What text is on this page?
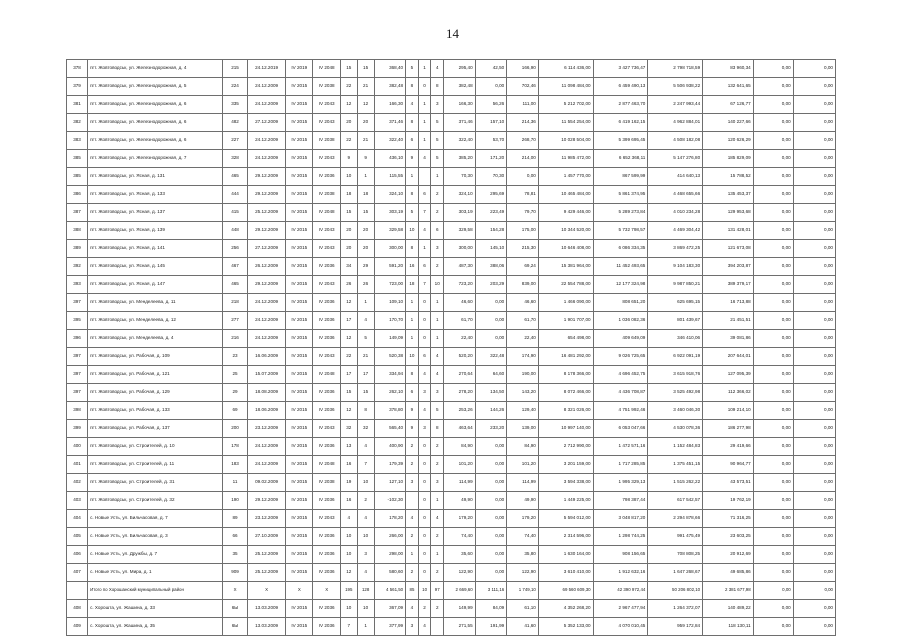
14
378	пгт. Жовтоводськ, ул. Железнодорожная, д. 4	215	24.12.2019	IV 2019	IV 2048	15	15	368,40	5	1	4	295,40	42,50	166,90	6 114 436,00	3 427 736,47	2 798 718,59	83 960,34	0,00	0,00
379	пгт. Жовтоводськ, ул. Железнодорожная, д. 5	224	24.12.2009	IV 2015	IV 2038	22	21	382,48	8	0	8	382,48	0,00	702,46	11 098 484,00	6 459 490,13	5 506 938,22	132 641,65	0,00	0,00
381	пгт. Жовтоводськ, ул. Железнодорожная, д. 6	335	24.12.2009	IV 2015	IV 2043	12	12	166,30	4	1	3	166,30	56,26	111,00	5 212 702,00	2 877 463,70	2 247 993,44	67 126,77	0,00	0,00
382	пгт. Жовтоводськ, ул. Железнодорожная, д. 6	482	27.12.2009	IV 2015	IV 2043	20	20	371,46	8	1	5	371,46	157,10	214,36	11 554 254,00	6 419 162,15	4 962 884,01	140 227,66	0,00	0,00
383	пгт. Жовтоводськ, ул. Железнодорожная, д. 6	227	24.12.2009	IV 2015	IV 2038	22	21	322,40	6	1	5	322,40	53,70	268,70	10 028 504,00	5 399 695,45	4 508 182,08	120 626,29	0,00	0,00
385	пгт. Жовтоводськ, ул. Железнодорожная, д. 7	328	24.12.2009	IV 2015	IV 2043	9	9	436,10	9	4	5	385,20	171,20	214,00	11 985 472,00	6 652 368,11	5 147 276,80	185 829,09	0,00	0,00
385	пгт. Жовтоводськ, ул. Ясная, д. 131	465	29.12.2009	IV 2015	IV 2036	10	1	115,55	1		1	70,30	70,30	0,00	1 457 770,00	867 599,99	414 640,13	15 788,52	0,00	0,00
386	пгт. Жовтоводськ, ул. Ясная, д. 133	444	29.12.2009	IV 2015	IV 2038	18	18	324,10	8	6	2	324,10	295,69	78,81	10 465 484,00	5 861 374,95	4 468 655,66	135 453,37	0,00	0,00
387	пгт. Жовтоводськ, ул. Ясная, д. 137	415	25.12.2009	IV 2015	IV 2048	15	15	303,19	5	7	2	303,19	223,49	79,70	9 429 446,00	5 289 273,84	4 010 234,28	129 953,68	0,00	0,00
388	пгт. Жовтоводськ, ул. Ясная, д. 139	448	29.12.2009	IV 2015	IV 2043	20	20	329,58	10	4	6	329,58	154,28	175,00	10 344 520,00	5 732 798,57	4 469 304,42	131 428,01	0,00	0,00
389	пгт. Жовтоводськ, ул. Ясная, д. 141	256	27.12.2009	IV 2015	IV 2043	20	20	300,00	8	1	3	300,00	145,10	215,30	10 646 408,00	6 086 334,35	3 869 472,25	121 673,08	0,00	0,00
392	пгт. Жовтоводськ, ул. Ясная, д. 145	467	26.12.2009	IV 2015	IV 2036	34	29	591,20	16	6	2	487,30	388,06	69,24	15 381 964,00	11 452 493,65	9 104 183,30	394 203,87	0,00	0,00
393	пгт. Жовтоводськ, ул. Ясная, д. 147	465	29.12.2009	IV 2015	IV 2043	26	26	723,00	18	7	10	723,20	203,29	839,00	22 554 788,00	12 177 324,98	9 987 850,21	389 379,17	0,00	0,00
397	пгт. Жовтоводськ, ул. Менделеева, д. 11	218	24.12.2009	IV 2015	IV 2036	12	1	109,10	1	0	1	46,60	0,00	46,60	1 466 090,00	808 651,20	625 695,15	16 713,88	0,00	0,00
395	пгт. Жовтоводськ, ул. Менделеева, д. 12	277	24.12.2009	IV 2015	IV 2036	17	4	170,70	1	0	1	61,70	0,00	61,70	1 901 707,00	1 036 082,36	801 439,67	21 451,51	0,00	0,00
396	пгт. Жовтоводськ, ул. Менделеева, д. 4	216	24.12.2009	IV 2015	IV 2036	12	5	149,09	1	0	1	22,40	0,00	22,40	654 498,00	409 649,09	346 410,06	39 081,86	0,00	0,00
397	пгт. Жовтоводськ, ул. Рабочая, д. 109	23	16.06.2009	IV 2015	IV 2043	22	21	520,38	10	6	4	520,20	322,48	174,90	16 481 292,00	9 026 725,65	6 922 091,19	207 644,01	0,00	0,00
397	пгт. Жовтоводськ, ул. Рабочая, д. 121	25	15.07.2009	IV 2015	IV 2048	17	17	334,94	8	4	4	270,64	64,60	190,00	8 178 366,00	4 696 452,75	3 615 918,76	127 095,39	0,00	0,00
397	пгт. Жовтоводськ, ул. Рабочая, д. 129	29	18.08.2009	IV 2015	IV 2036	15	15	262,10	6	3	3	278,20	134,50	143,20	8 072 466,00	4 436 708,87	3 525 492,98	112 366,02	0,00	0,00
398	пгт. Жовтоводськ, ул. Рабочая, д. 133	69	18.06.2009	IV 2015	IV 2036	12	8	378,80	9	4	5	253,26	144,26	129,40	8 321 026,00	4 751 992,46	3 460 046,30	109 214,10	0,00	0,00
399	пгт. Жовтоводськ, ул. Рабочая, д. 137	200	23.12.2009	IV 2015	IV 2043	32	32	565,40	9	3	8	463,64	233,20	139,00	10 997 140,00	6 053 047,66	4 530 078,36	186 277,98	0,00	0,00
400	пгт. Жовтоводськ, ул. Строителей, д. 10	178	24.12.2009	IV 2015	IV 2036	13	4	400,90	2	0	2	84,90	0,00	84,90	2 712 990,00	1 472 571,16	1 152 484,83	29 419,66	0,00	0,00
401	пгт. Жовтоводськ, ул. Строителей, д. 11	183	24.12.2009	IV 2015	IV 2048	16	7	179,39	2	0	2	101,20	0,00	101,20	3 201 159,00	1 717 285,85	1 375 451,15	90 964,77	0,00	0,00
402	пгт. Жовтоводськ, ул. Строителей, д. 31	11	09.02.2009	IV 2015	IV 2038	19	10	127,10	3	0	3	114,99	0,00	114,99	3 594 338,00	1 995 329,13	1 515 262,22	43 573,51	0,00	0,00
403	пгт. Жовтоводськ, ул. Строителей, д. 32	190	29.12.2009	IV 2015	IV 2036	16	2	-102,30		0	1	49,90	0,00	49,90	1 449 225,00	798 387,44	617 542,57	19 762,19	0,00	0,00
404	с. Новые Усть, ул. Бильчасовая, д. 7	89	23.12.2009	IV 2015	IV 2043	4	4	178,20	4	0	4	179,20	0,00	179,20	5 594 012,00	3 048 817,20	2 294 878,66	71 316,25	0,00	0,00
405	с. Новые Усть, ул. Бильчасовая, д. 3	66	27.10.2009	IV 2015	IV 2036	10	10	266,00	2	0	2	74,40	0,00	74,40	2 314 596,00	1 298 744,25	991 475,49	23 603,25	0,00	0,00
406	с. Новые Усть, ул. Дружбы, д. 7	35	25.12.2009	IV 2015	IV 2036	10	3	298,00	1	0	1	35,60	0,00	35,80	1 630 164,00	908 156,65	708 808,25	20 912,69	0,00	0,00
407	с. Новые Усть, ул. Мира, д. 1	909	25.12.2009	IV 2015	IV 2036	12	4	580,60	2	0	2	122,90	0,00	122,90	3 610 410,00	1 912 632,16	1 647 268,67	49 685,86	0,00	0,00
	Итого по Хорошанский муниципальный район	X	X	X	X	195	128	4 561,50	85	10	97	2 669,60	3 111,16	1 749,10	69 560 609,30	42 390 972,44	50 206 802,10	2 381 677,98	0,00	0,00
408	с. Хорошта, ул. Жашина, д. 33	6Ы	13.03.2009	IV 2015	IV 2036	10	10	367,09	4	2	2	149,99	84,09	61,10	4 352 268,20	2 967 477,94	1 264 372,07	140 489,22	0,00	0,00
409	с. Хорошта, ул. Жашина, д. 35	6Ы	13.03.2009	IV 2015	IV 2036	7	1	377,99	3	4		271,55	191,99	41,60	5 352 133,00	4 070 010,45	959 172,84	118 130,11	0,00	0,00
